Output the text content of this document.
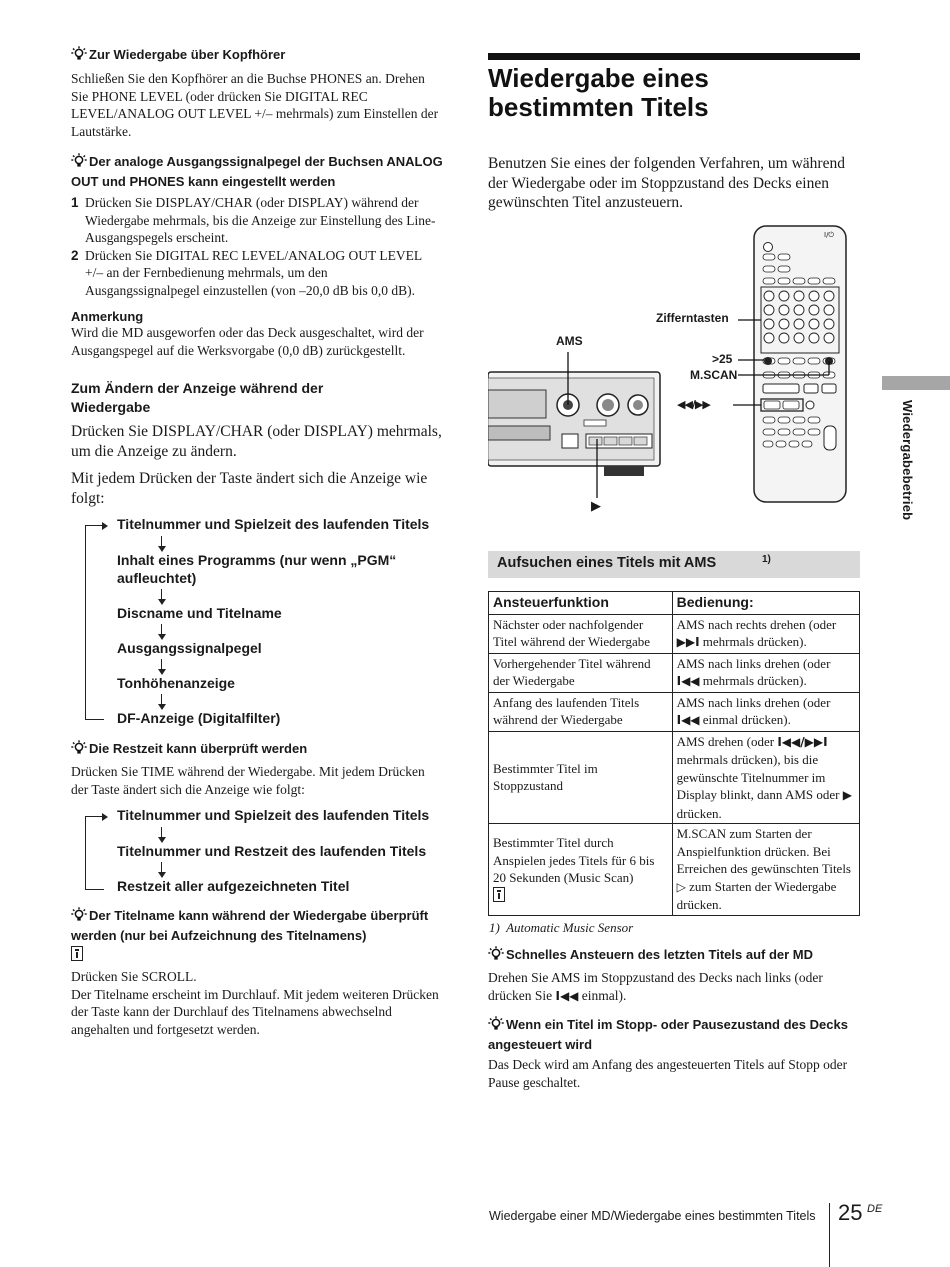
Zur Wiedergabe über Kopfhörer
Schließen Sie den Kopfhörer an die Buchse PHONES an. Drehen Sie PHONE LEVEL (oder drücken Sie DIGITAL REC LEVEL/ANALOG OUT LEVEL +/– mehrmals) zum Einstellen der Lautstärke.
Der analoge Ausgangssignalpegel der Buchsen ANALOG OUT und PHONES kann eingestellt werden
1 Drücken Sie DISPLAY/CHAR (oder DISPLAY) während der Wiedergabe mehrmals, bis die Anzeige zur Einstellung des Line-Ausgangspegels erscheint.
2 Drücken Sie DIGITAL REC LEVEL/ANALOG OUT LEVEL +/– an der Fernbedienung mehrmals, um den Ausgangssignalpegel einzustellen (von –20,0 dB bis 0,0 dB).
Anmerkung
Wird die MD ausgeworfen oder das Deck ausgeschaltet, wird der Ausgangspegel auf die Werksvorgabe (0,0 dB) zurückgestellt.
Zum Ändern der Anzeige während der
Wiedergabe
Drücken Sie DISPLAY/CHAR (oder DISPLAY) mehrmals, um die Anzeige zu ändern.
Mit jedem Drücken der Taste ändert sich die Anzeige wie folgt:
Titelnummer und Spielzeit des laufenden Titels
Inhalt eines Programms (nur wenn „PGM“
aufleuchtet)
Discname und Titelname
Ausgangssignalpegel
Tonhöhenanzeige
DF-Anzeige (Digitalfilter)
Die Restzeit kann überprüft werden
Drücken Sie TIME während der Wiedergabe. Mit jedem Drücken der Taste ändert sich die Anzeige wie folgt:
Titelnummer und Spielzeit des laufenden Titels
Titelnummer und Restzeit des laufenden Titels
Restzeit aller aufgezeichneten Titel
Der Titelname kann während der Wiedergabe überprüft werden (nur bei Aufzeichnung des Titelnamens)
Drücken Sie SCROLL.
Der Titelname erscheint im Durchlauf. Mit jedem weiteren Drücken der Taste kann der Durchlauf des Titelnamens abwechselnd angehalten und fortgesetzt werden.
Wiedergabe eines
bestimmten Titels
Benutzen Sie eines der folgenden Verfahren, um während der Wiedergabe oder im Stoppzustand des Decks einen gewünschten Titel anzusteuern.
Zifferntasten
AMS
>25
M.SCAN
◀◀/▶▶
▶
I/⏻
Aufsuchen eines Titels mit AMS	1)
Ansteuerfunktion	Bedienung:
Nächster oder nachfolgender Titel während der Wiedergabe	AMS nach rechts drehen (oder ▶▶I mehrmals drücken).
Vorhergehender Titel während der Wiedergabe	AMS nach links drehen (oder I◀◀ mehrmals drücken).
Anfang des laufenden Titels während der Wiedergabe	AMS nach links drehen (oder I◀◀ einmal drücken).
Bestimmter Titel im Stoppzustand	AMS drehen (oder I◀◀/▶▶I mehrmals drücken), bis die gewünschte Titelnummer im Display blinkt, dann AMS oder ▶ drücken.
Bestimmter Titel durch Anspielen jedes Titels für 6 bis 20 Sekunden (Music Scan)	M.SCAN zum Starten der Anspielfunktion drücken. Bei Erreichen des gewünschten Titels ▷ zum Starten der Wiedergabe drücken.
1)  Automatic Music Sensor
Schnelles Ansteuern des letzten Titels auf der MD
Drehen Sie AMS im Stoppzustand des Decks nach links (oder drücken Sie I◀◀ einmal).
Wenn ein Titel im Stopp- oder Pausezustand des Decks angesteuert wird
Das Deck wird am Anfang des angesteuerten Titels auf Stopp oder Pause geschaltet.
Wiedergabebetrieb
Wiedergabe einer MD/Wiedergabe eines bestimmten Titels 25 DE
